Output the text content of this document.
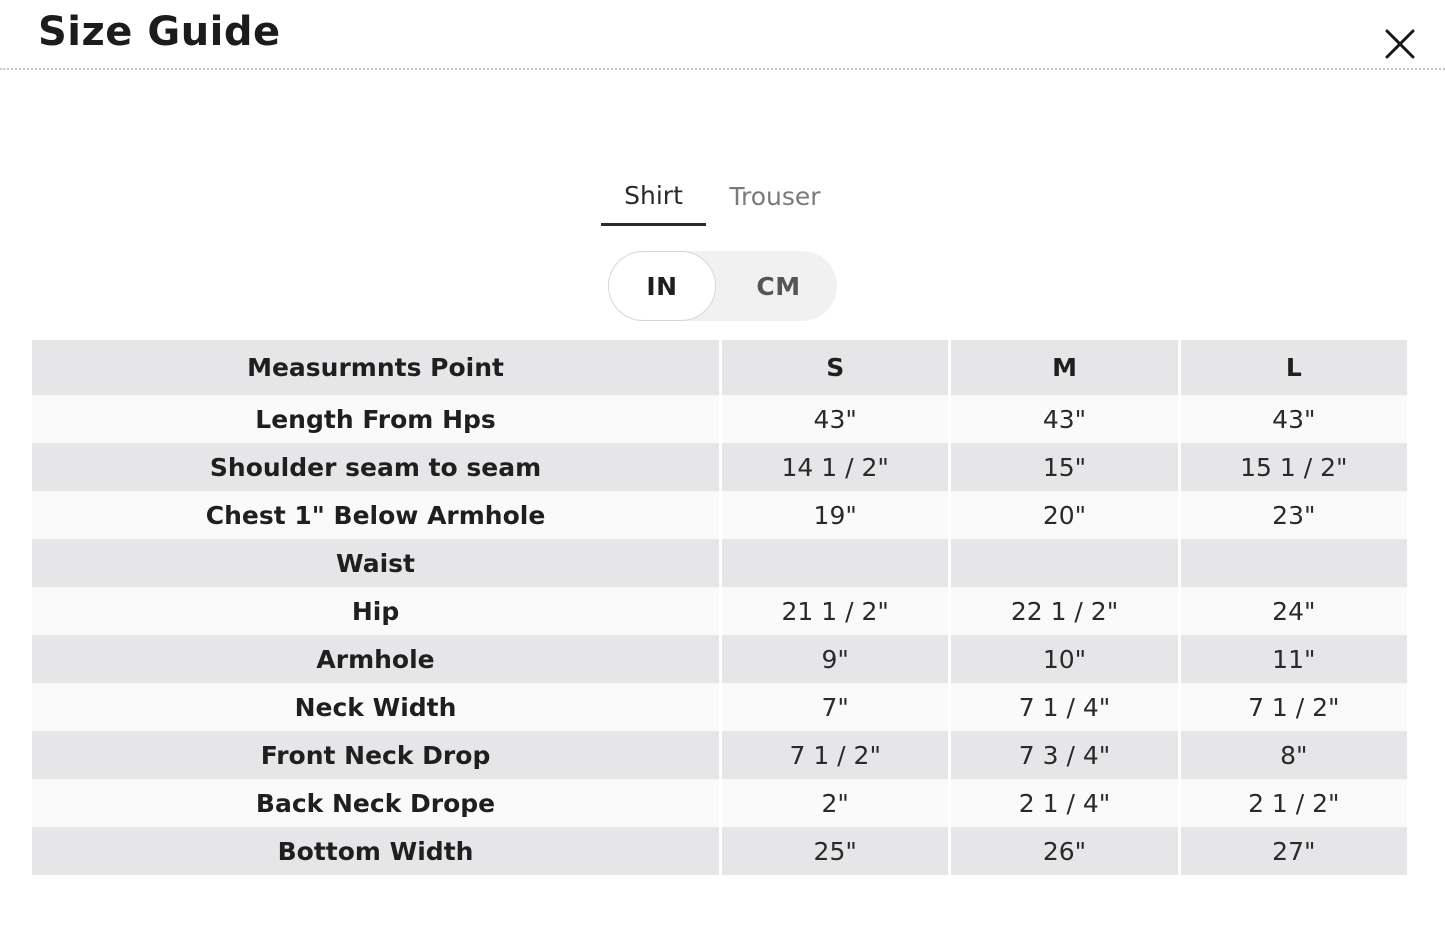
Size Guide
Shirt	Trouser
IN	CM
Measurmnts Point	S	M	L
Length From Hps	43"	43"	43"
Shoulder seam to seam	14 1 / 2"	15"	15 1 / 2"
Chest 1" Below Armhole	19"	20"	23"
Waist			
Hip	21 1 / 2"	22 1 / 2"	24"
Armhole	9"	10"	11"
Neck Width	7"	7 1 / 4"	7 1 / 2"
Front Neck Drop	7 1 / 2"	7 3 / 4"	8"
Back Neck Drope	2"	2 1 / 4"	2 1 / 2"
Bottom Width	25"	26"	27"
